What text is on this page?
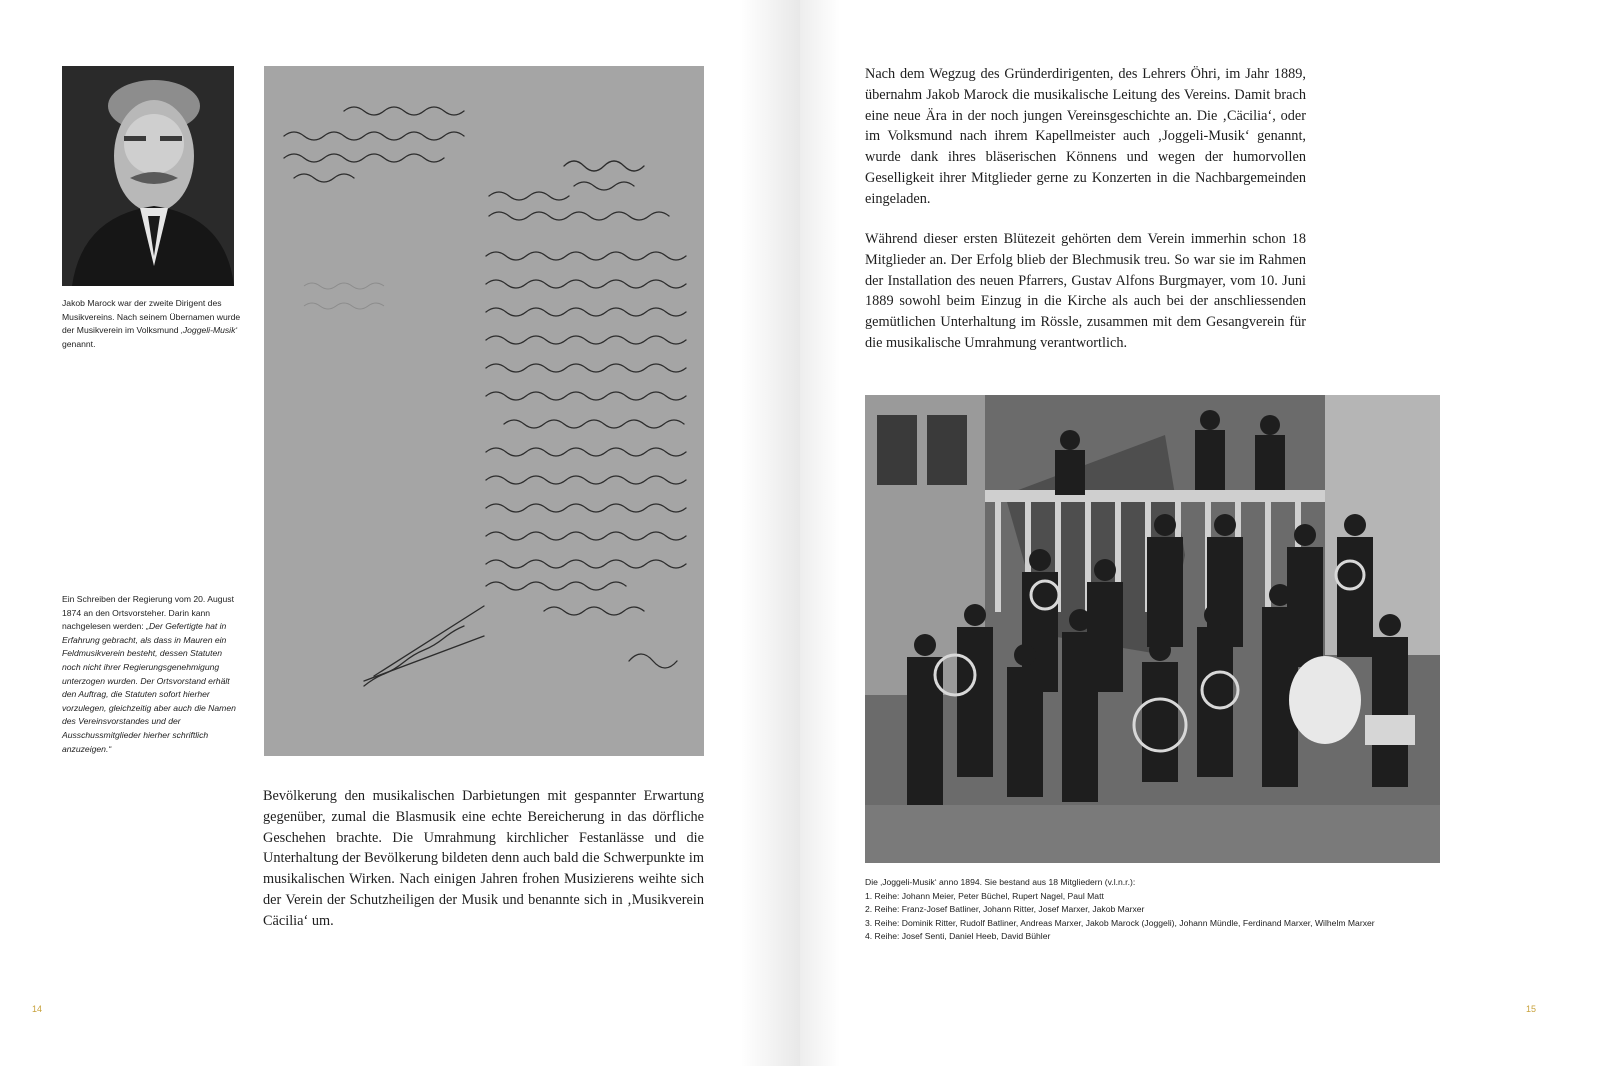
Jakob Marock war der zweite Dirigent des Musikvereins. Nach seinem Übernamen wurde der Musikverein im Volksmund ‚Joggeli-Musik‘ genannt.
Ein Schreiben der Regierung vom 20. August 1874 an den Ortsvorsteher. Darin kann nachgelesen werden: „Der Gefertigte hat in Erfahrung gebracht, als dass in Mauren ein Feldmusikverein besteht, dessen Statuten noch nicht ihrer Regierungsgenehmigung unterzogen wurden. Der Ortsvorstand erhält den Auftrag, die Statuten sofort hierher vorzulegen, gleichzeitig aber auch die Namen des Vereinsvorstandes und der Ausschussmitglieder hierher schriftlich anzuzeigen.“

Bevölkerung den musikalischen Darbietungen mit gespannter Erwartung gegenüber, zumal die Blasmusik eine echte Bereicherung in das dörfliche Geschehen brachte. Die Umrahmung kirchlicher Festanlässe und die Unterhaltung der Bevölkerung bildeten denn auch bald die Schwerpunkte im musikalischen Wirken. Nach einigen Jahren frohen Musizierens weihte sich der Verein der Schutzheiligen der Musik und benannte sich in ‚Musikverein Cäcilia‘ um.

14

Nach dem Wegzug des Gründerdirigenten, des Lehrers Öhri, im Jahr 1889, übernahm Jakob Marock die musikalische Leitung des Vereins. Damit brach eine neue Ära in der noch jungen Vereinsgeschichte an. Die ‚Cäcilia‘, oder im Volksmund nach ihrem Kapellmeister auch ‚Joggeli-Musik‘ genannt, wurde dank ihres bläserischen Könnens und wegen der humorvollen Geselligkeit ihrer Mitglieder gerne zu Konzerten in die Nachbargemeinden eingeladen.

Während dieser ersten Blütezeit gehörten dem Verein immerhin schon 18 Mitglieder an. Der Erfolg blieb der Blechmusik treu. So war sie im Rahmen der Installation des neuen Pfarrers, Gustav Alfons Burgmayer, vom 10. Juni 1889 sowohl beim Einzug in die Kirche als auch bei der anschliessenden gemütlichen Unterhaltung im Rössle, zusammen mit dem Gesangverein für die musikalische Umrahmung verantwortlich.

Die ‚Joggeli-Musik‘ anno 1894. Sie bestand aus 18 Mitgliedern (v.l.n.r.):
1. Reihe: Johann Meier, Peter Büchel, Rupert Nagel, Paul Matt
2. Reihe: Franz-Josef Batliner, Johann Ritter, Josef Marxer, Jakob Marxer
3. Reihe: Dominik Ritter, Rudolf Batliner, Andreas Marxer, Jakob Marock (Joggeli), Johann Mündle, Ferdinand Marxer, Wilhelm Marxer
4. Reihe: Josef Senti, Daniel Heeb, David Bühler
15
